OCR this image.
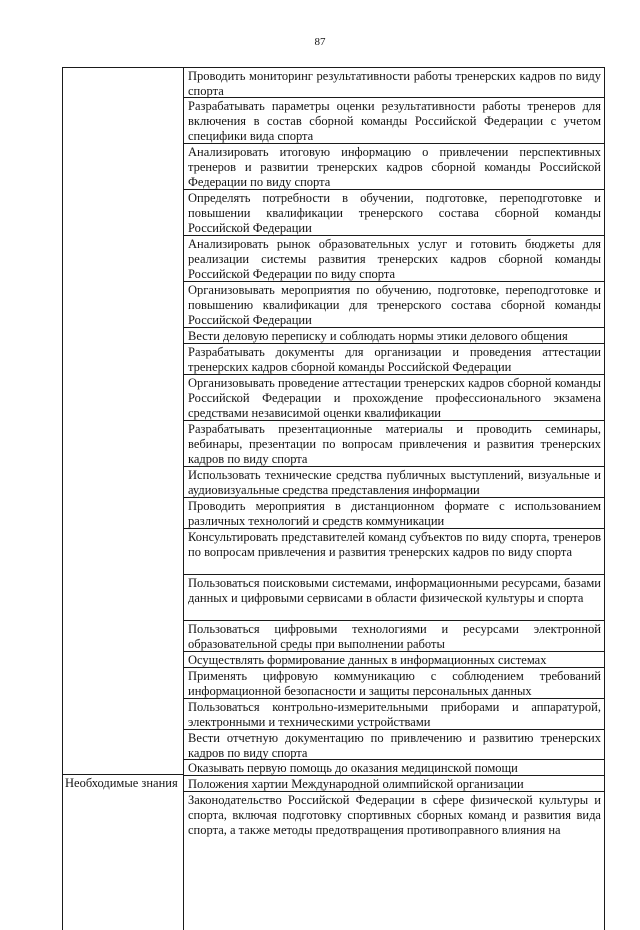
87
Необходимые знания
Проводить мониторинг результативности работы тренерских кадров по виду спорта
Разрабатывать параметры оценки результативности работы тренеров для включения в состав сборной команды Российской Федерации с учетом специфики вида спорта
Анализировать итоговую информацию о привлечении перспективных тренеров и развитии тренерских кадров сборной команды Российской Федерации по виду спорта
Определять потребности в обучении, подготовке, переподготовке и повышении квалификации тренерского состава сборной команды Российской Федерации
Анализировать рынок образовательных услуг и готовить бюджеты для реализации системы развития тренерских кадров сборной команды Российской Федерации по виду спорта
Организовывать мероприятия по обучению, подготовке, переподготовке и повышению квалификации для тренерского состава сборной команды Российской Федерации
Вести деловую переписку и соблюдать нормы этики делового общения
Разрабатывать документы для организации и проведения аттестации тренерских кадров сборной команды Российской Федерации
Организовывать проведение аттестации тренерских кадров сборной команды Российской Федерации и прохождение профессионального экзамена средствами независимой оценки квалификации
Разрабатывать презентационные материалы и проводить семинары, вебинары, презентации по вопросам привлечения и развития тренерских кадров по виду спорта
Использовать технические средства публичных выступлений, визуальные и аудиовизуальные средства представления информации
Проводить мероприятия в дистанционном формате с использованием различных технологий и средств коммуникации
Консультировать представителей команд субъектов по виду спорта, тренеров по вопросам привлечения и развития тренерских кадров по виду спорта
Пользоваться поисковыми системами, информационными ресурсами, базами данных и цифровыми сервисами в области физической культуры и спорта
Пользоваться цифровыми технологиями и ресурсами электронной образовательной среды при выполнении работы
Осуществлять формирование данных в информационных системах
Применять цифровую коммуникацию с соблюдением требований информационной безопасности и защиты персональных данных
Пользоваться контрольно-измерительными приборами и аппаратурой, электронными и техническими устройствами
Вести отчетную документацию по привлечению и развитию тренерских кадров по виду спорта
Оказывать первую помощь до оказания медицинской помощи
Положения хартии Международной олимпийской организации
Законодательство Российской Федерации в сфере физической культуры и спорта, включая подготовку спортивных сборных команд и развития вида спорта, а также методы предотвращения противоправного влияния на
